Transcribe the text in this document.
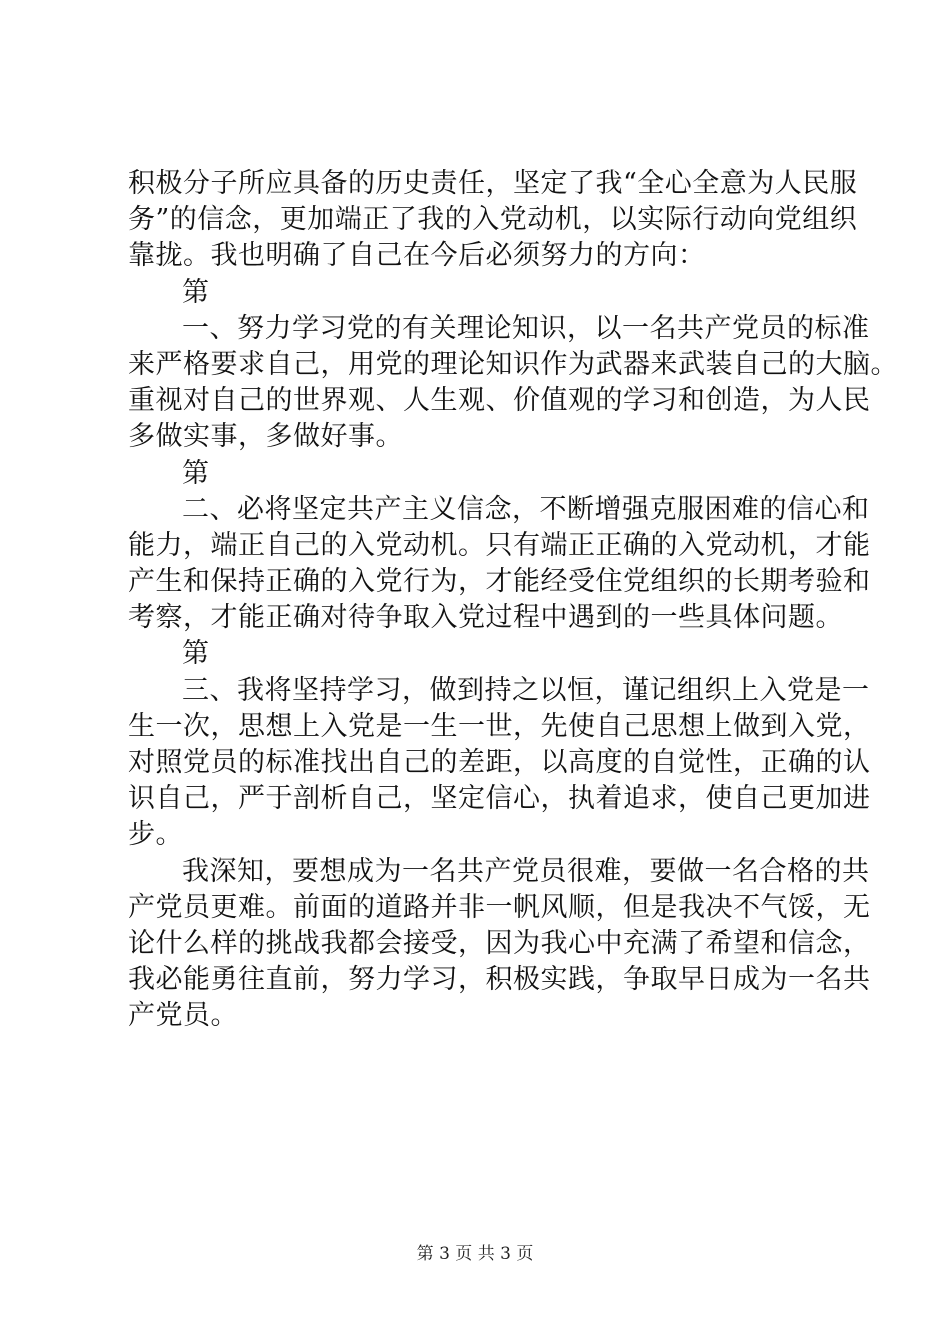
积极分子所应具备的历史责任，坚定了我“全心全意为人民服
务”的信念，更加端正了我的入党动机，以实际行动向党组织
靠拢。我也明确了自己在今后必须努力的方向：
第
一、努力学习党的有关理论知识，以一名共产党员的标准
来严格要求自己，用党的理论知识作为武器来武装自己的大脑。
重视对自己的世界观、人生观、价值观的学习和创造，为人民
多做实事，多做好事。
第
二、必将坚定共产主义信念，不断增强克服困难的信心和
能力，端正自己的入党动机。只有端正正确的入党动机，才能
产生和保持正确的入党行为，才能经受住党组织的长期考验和
考察，才能正确对待争取入党过程中遇到的一些具体问题。
第
三、我将坚持学习，做到持之以恒，谨记组织上入党是一
生一次，思想上入党是一生一世，先使自己思想上做到入党，
对照党员的标准找出自己的差距，以高度的自觉性，正确的认
识自己，严于剖析自己，坚定信心，执着追求，使自己更加进
步。
我深知，要想成为一名共产党员很难，要做一名合格的共
产党员更难。前面的道路并非一帆风顺，但是我决不气馁，无
论什么样的挑战我都会接受，因为我心中充满了希望和信念，
我必能勇往直前，努力学习，积极实践，争取早日成为一名共
产党员。
第 3 页 共 3 页
